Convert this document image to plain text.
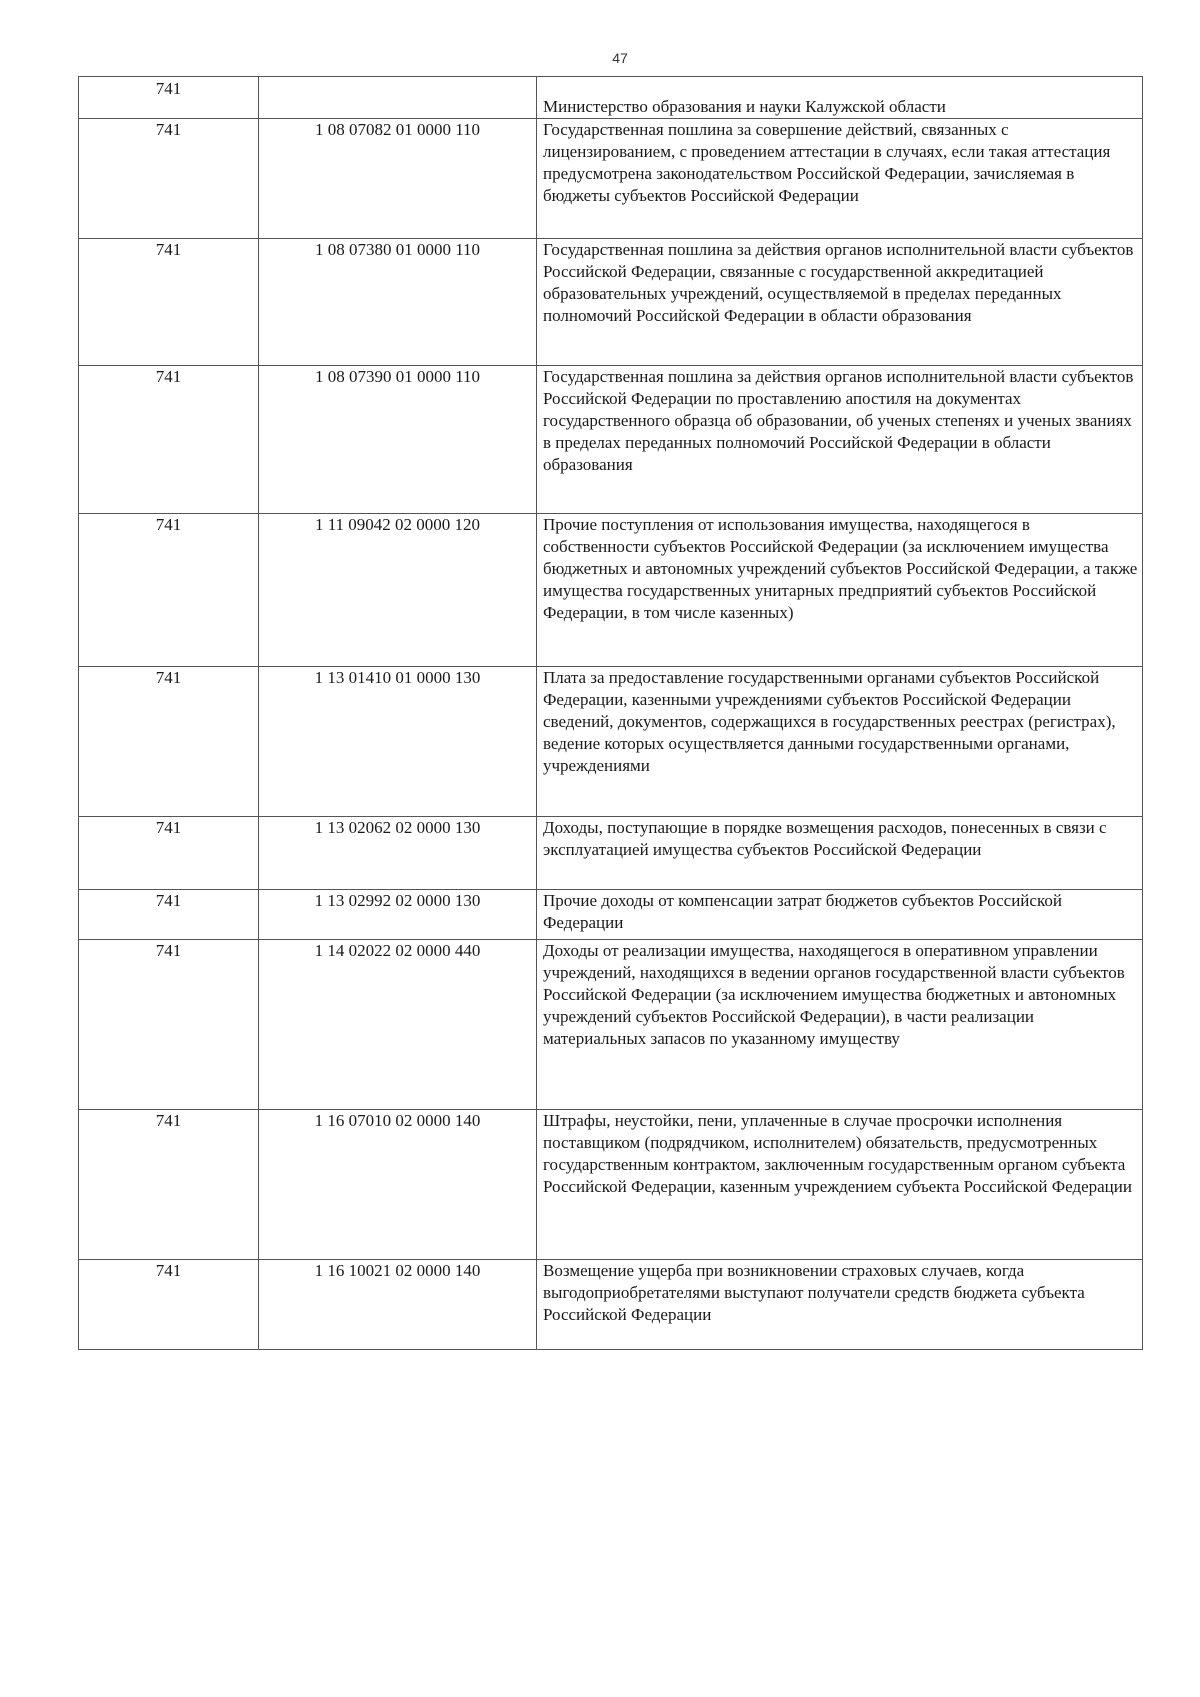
47
741		Министерство образования и науки Калужской области
741	1 08 07082 01 0000 110	Государственная пошлина за совершение действий, связанных с лицензированием, с проведением аттестации в случаях, если такая аттестация предусмотрена законодательством Российской Федерации, зачисляемая в бюджеты субъектов Российской Федерации
741	1 08 07380 01 0000 110	Государственная пошлина за действия органов исполнительной власти субъектов Российской Федерации, связанные с государственной аккредитацией образовательных учреждений, осуществляемой в пределах переданных полномочий Российской Федерации в области образования
741	1 08 07390 01 0000 110	Государственная пошлина за действия органов исполнительной власти субъектов Российской Федерации по проставлению апостиля на документах государственного образца об образовании, об ученых степенях и ученых званиях в пределах переданных полномочий Российской Федерации в области образования
741	1 11 09042 02 0000 120	Прочие поступления от использования имущества, находящегося в собственности субъектов Российской Федерации (за исключением имущества бюджетных и автономных учреждений субъектов Российской Федерации, а также имущества государственных унитарных предприятий субъектов Российской Федерации, в том числе казенных)
741	1 13 01410 01 0000 130	Плата за предоставление государственными органами субъектов Российской Федерации, казенными учреждениями субъектов Российской Федерации сведений, документов, содержащихся в государственных реестрах (регистрах), ведение которых осуществляется данными государственными органами, учреждениями
741	1 13 02062 02 0000 130	Доходы, поступающие в порядке возмещения расходов, понесенных в связи с эксплуатацией имущества субъектов Российской Федерации
741	1 13 02992 02 0000 130	Прочие доходы от компенсации затрат бюджетов субъектов Российской Федерации
741	1 14 02022 02 0000 440	Доходы от реализации имущества, находящегося в оперативном управлении учреждений, находящихся в ведении органов государственной власти субъектов Российской Федерации (за исключением имущества бюджетных и автономных учреждений субъектов Российской Федерации), в части реализации материальных запасов по указанному имуществу
741	1 16 07010 02 0000 140	Штрафы, неустойки, пени, уплаченные в случае просрочки исполнения поставщиком (подрядчиком, исполнителем) обязательств, предусмотренных государственным контрактом, заключенным государственным органом субъекта Российской Федерации, казенным учреждением субъекта Российской Федерации
741	1 16 10021 02 0000 140	Возмещение ущерба при возникновении страховых случаев, когда выгодоприобретателями выступают получатели средств бюджета субъекта Российской Федерации
